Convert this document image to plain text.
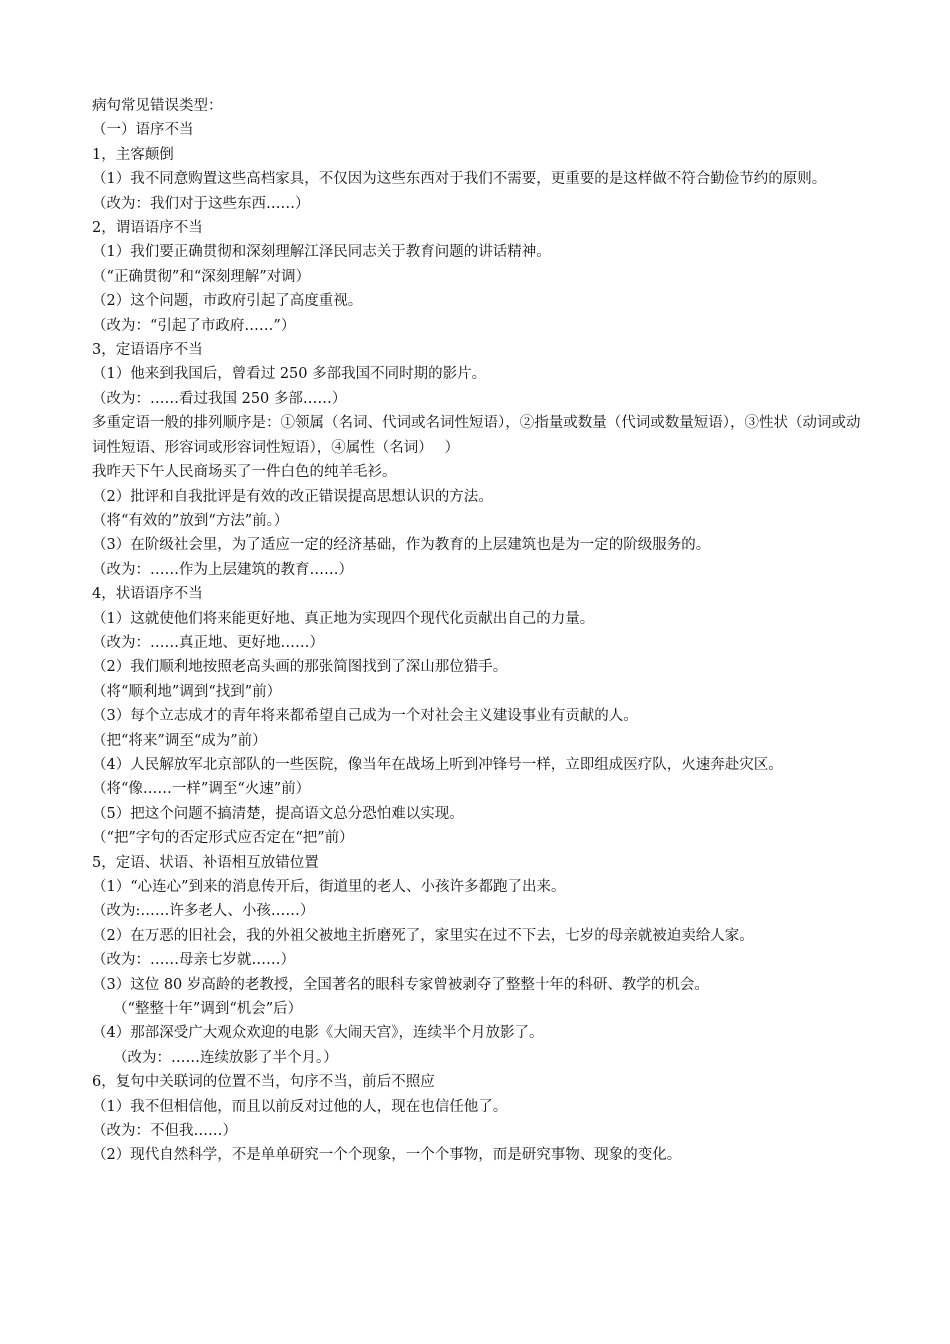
病句常见错误类型：
（一）语序不当
1，主客颠倒
（1）我不同意购置这些高档家具，不仅因为这些东西对于我们不需要，更重要的是这样做不符合勤俭节约的原则。
（改为：我们对于这些东西……）
2，谓语语序不当
（1）我们要正确贯彻和深刻理解江泽民同志关于教育问题的讲话精神。
（“正确贯彻”和“深刻理解”对调）
（2）这个问题，市政府引起了高度重视。
（改为：“引起了市政府……”）
3，定语语序不当
（1）他来到我国后，曾看过 250 多部我国不同时期的影片。
（改为：……看过我国 250 多部……）
多重定语一般的排列顺序是：①领属（名词、代词或名词性短语），②指量或数量（代词或数量短语），③性状（动词或动词性短语、形容词或形容词性短语），④属性（名词）　 ）
我昨天下午人民商场买了一件白色的纯羊毛衫。
（2）批评和自我批评是有效的改正错误提高思想认识的方法。
（将“有效的”放到“方法”前。）
（3）在阶级社会里，为了适应一定的经济基础，作为教育的上层建筑也是为一定的阶级服务的。
（改为：……作为上层建筑的教育……）
4，状语语序不当
（1）这就使他们将来能更好地、真正地为实现四个现代化贡献出自己的力量。
（改为：……真正地、更好地……）
（2）我们顺利地按照老高头画的那张简图找到了深山那位猎手。
（将“顺利地”调到“找到”前）
（3）每个立志成才的青年将来都希望自己成为一个对社会主义建设事业有贡献的人。
（把“将来”调至“成为”前）
（4）人民解放军北京部队的一些医院，像当年在战场上听到冲锋号一样，立即组成医疗队，火速奔赴灾区。
（将“像……一样”调至“火速”前）
（5）把这个问题不搞清楚，提高语文总分恐怕难以实现。
（“把”字句的否定形式应否定在“把”前）
5，定语、状语、补语相互放错位置
（1）“心连心”到来的消息传开后，街道里的老人、小孩许多都跑了出来。
（改为:……许多老人、小孩……）
（2）在万恶的旧社会，我的外祖父被地主折磨死了，家里实在过不下去，七岁的母亲就被迫卖给人家。
（改为：……母亲七岁就……）
（3）这位 80 岁高龄的老教授，全国著名的眼科专家曾被剥夺了整整十年的科研、教学的机会。
（“整整十年”调到“机会”后）
（4）那部深受广大观众欢迎的电影《大闹天宫》，连续半个月放影了。
（改为：……连续放影了半个月。）
6，复句中关联词的位置不当，句序不当，前后不照应
（1）我不但相信他，而且以前反对过他的人，现在也信任他了。
（改为：不但我……）
（2）现代自然科学，不是单单研究一个个现象，一个个事物，而是研究事物、现象的变化。
